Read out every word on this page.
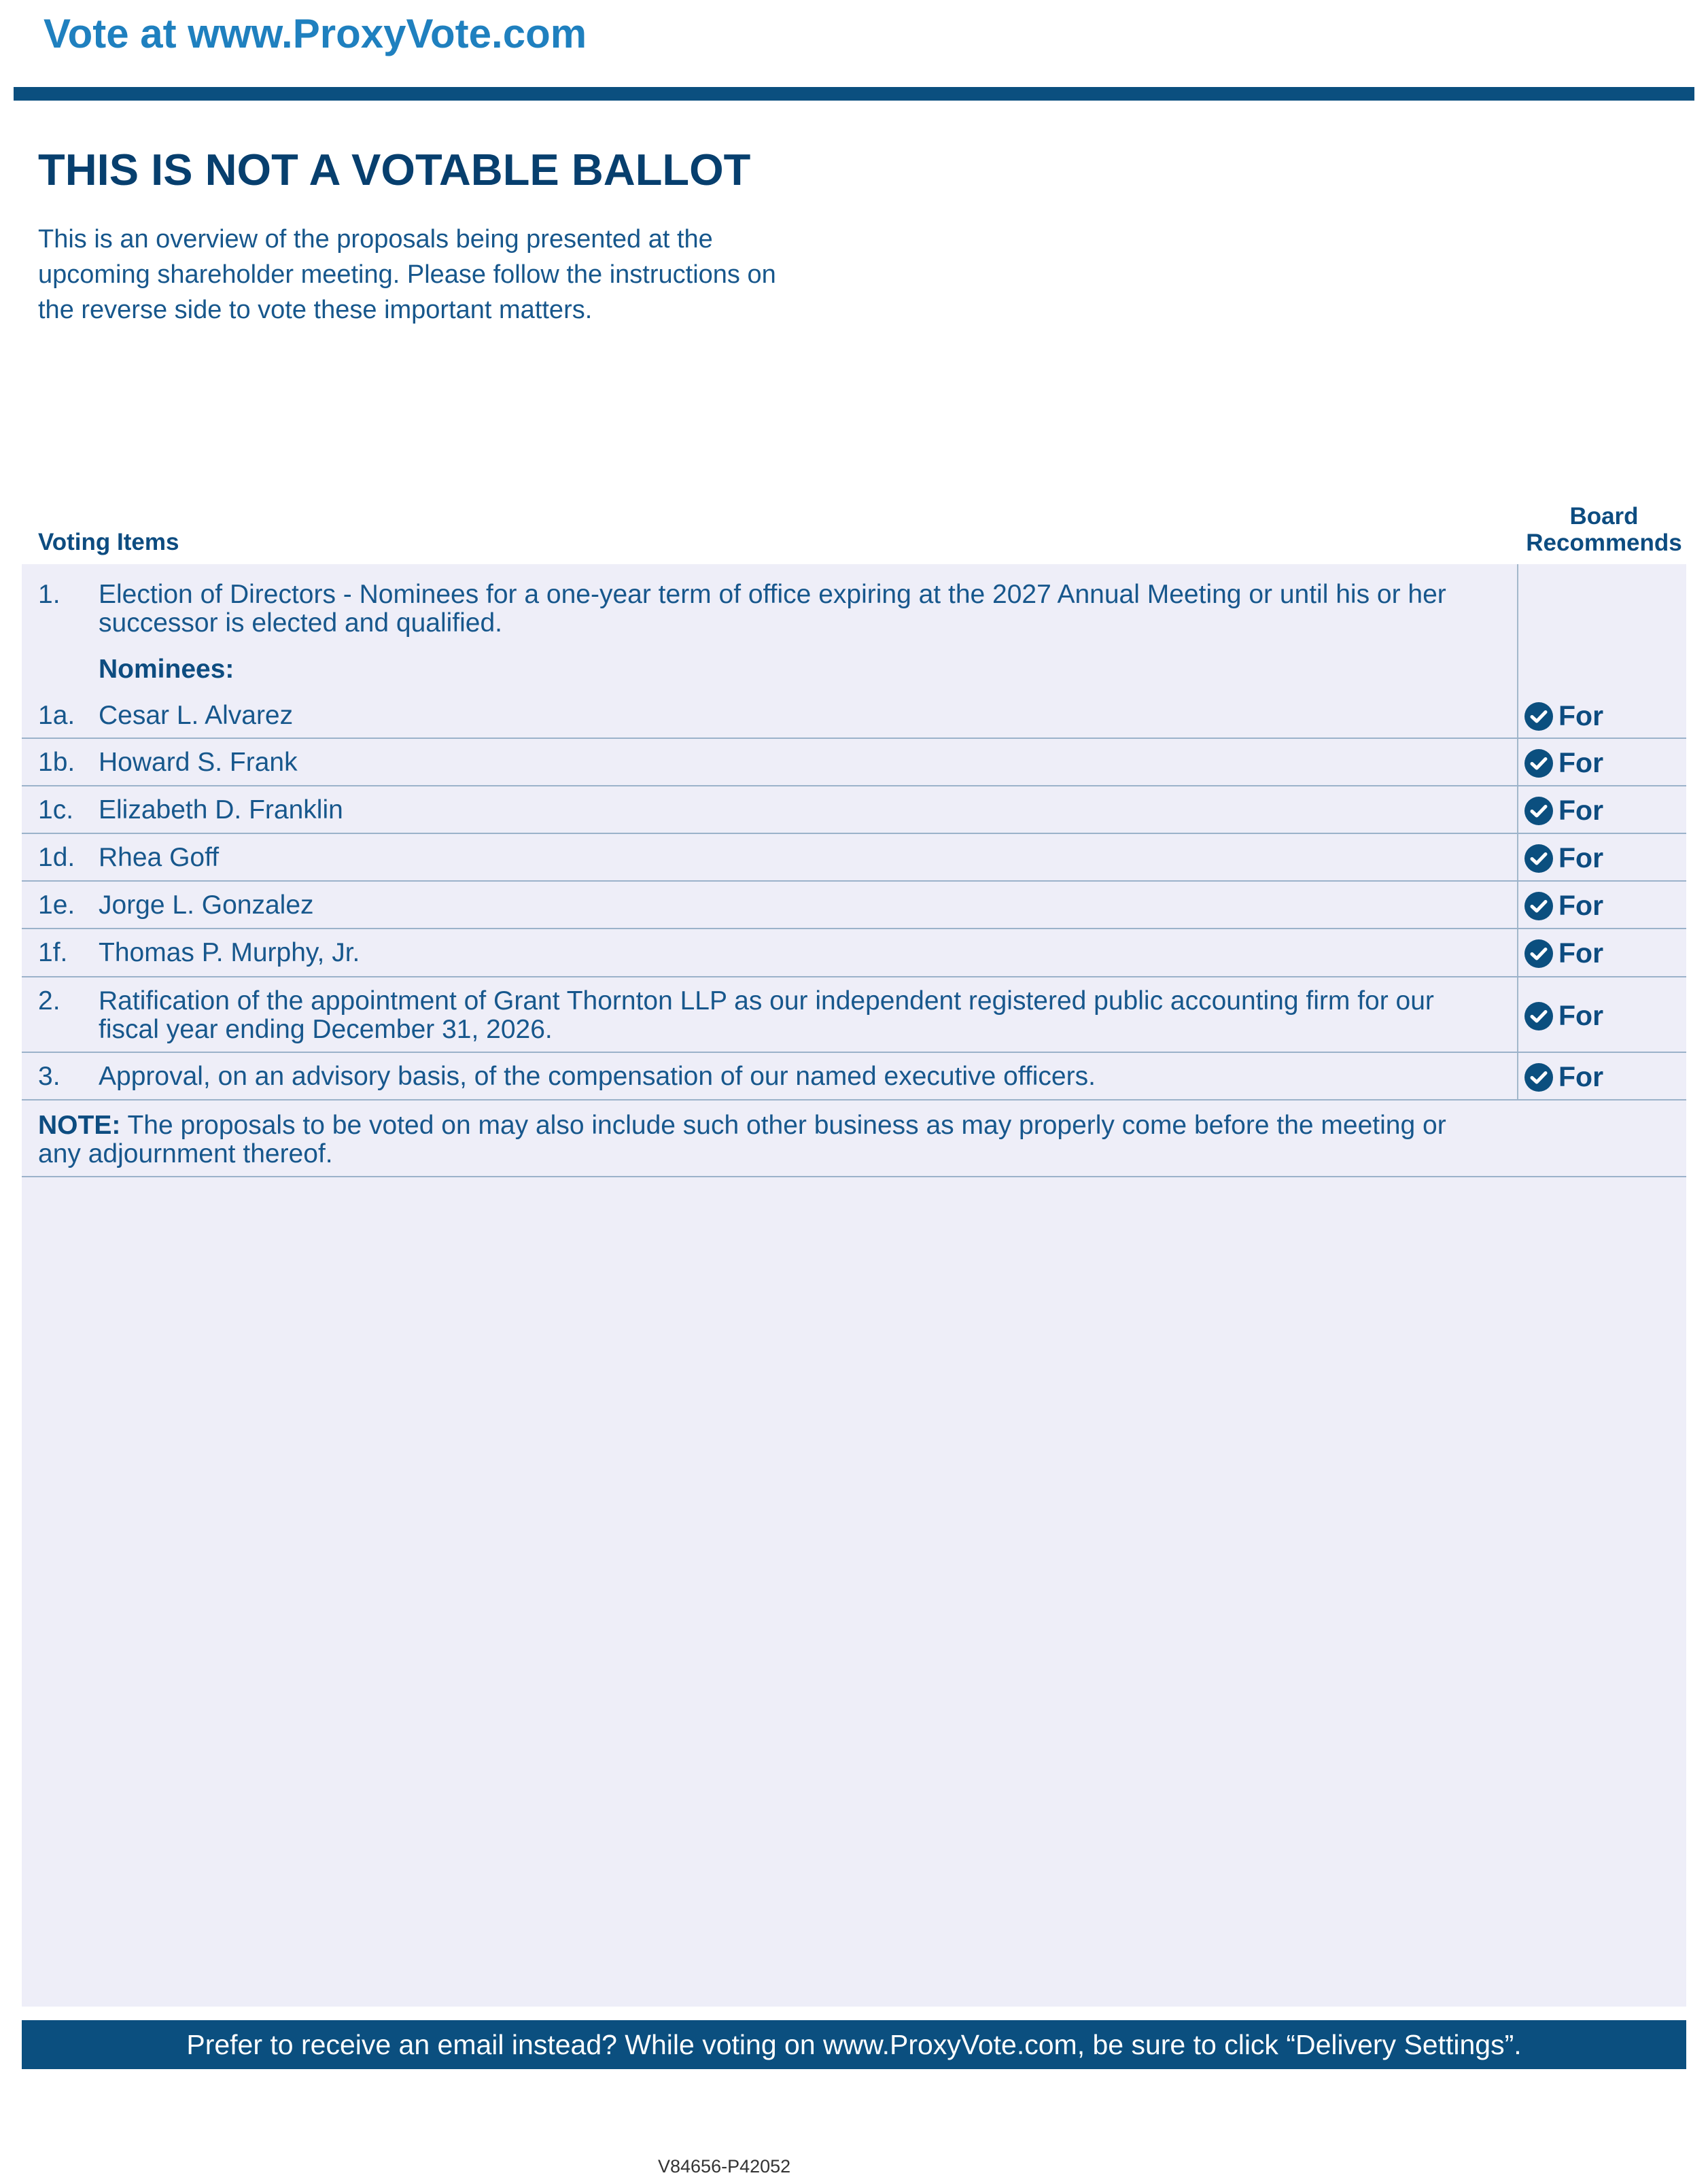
Vote at www.ProxyVote.com
THIS IS NOT A VOTABLE BALLOT
This is an overview of the proposals being presented at the
upcoming shareholder meeting. Please follow the instructions on
the reverse side to vote these important matters.
Voting Items
Board
Recommends
1. Election of Directors - Nominees for a one-year term of office expiring at the 2027 Annual Meeting or until his or her
successor is elected and qualified.
Nominees:
1a. Cesar L. Alvarez	For
1b. Howard S. Frank	For
1c. Elizabeth D. Franklin	For
1d. Rhea Goff	For
1e. Jorge L. Gonzalez	For
1f. Thomas P. Murphy, Jr.	For
2. Ratification of the appointment of Grant Thornton LLP as our independent registered public accounting firm for our
fiscal year ending December 31, 2026.	For
3. Approval, on an advisory basis, of the compensation of our named executive officers.	For
NOTE: The proposals to be voted on may also include such other business as may properly come before the meeting or
any adjournment thereof.
Prefer to receive an email instead? While voting on www.ProxyVote.com, be sure to click “Delivery Settings”.
V84656-P42052
